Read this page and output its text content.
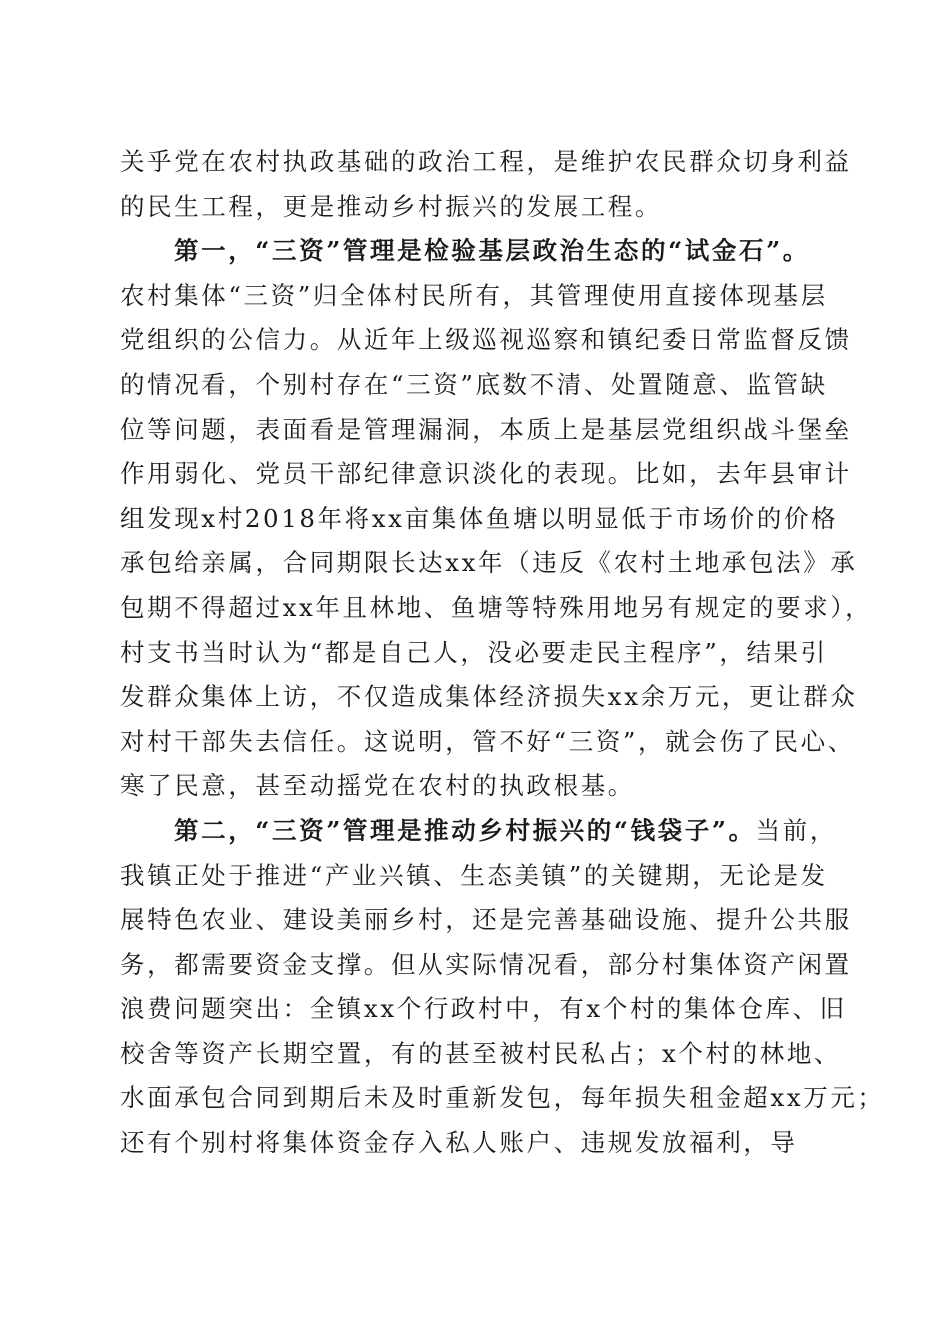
关乎党在农村执政基础的政治工程，是维护农民群众切身利益
的民生工程，更是推动乡村振兴的发展工程。
第一，“三资”管理是检验基层政治生态的“试金石”。
农村集体“三资”归全体村民所有，其管理使用直接体现基层
党组织的公信力。从近年上级巡视巡察和镇纪委日常监督反馈
的情况看，个别村存在“三资”底数不清、处置随意、监管缺
位等问题，表面看是管理漏洞，本质上是基层党组织战斗堡垒
作用弱化、党员干部纪律意识淡化的表现。比如，去年县审计
组发现x村2018年将xx亩集体鱼塘以明显低于市场价的价格
承包给亲属，合同期限长达xx年（违反《农村土地承包法》承
包期不得超过xx年且林地、鱼塘等特殊用地另有规定的要求），
村支书当时认为“都是自己人，没必要走民主程序”，结果引
发群众集体上访，不仅造成集体经济损失xx余万元，更让群众
对村干部失去信任。这说明，管不好“三资”，就会伤了民心、
寒了民意，甚至动摇党在农村的执政根基。
第二，“三资”管理是推动乡村振兴的“钱袋子”。当前，
我镇正处于推进“产业兴镇、生态美镇”的关键期，无论是发
展特色农业、建设美丽乡村，还是完善基础设施、提升公共服
务，都需要资金支撑。但从实际情况看，部分村集体资产闲置
浪费问题突出：全镇xx个行政村中，有x个村的集体仓库、旧
校舍等资产长期空置，有的甚至被村民私占；x个村的林地、
水面承包合同到期后未及时重新发包，每年损失租金超xx万元；
还有个别村将集体资金存入私人账户、违规发放福利，导
